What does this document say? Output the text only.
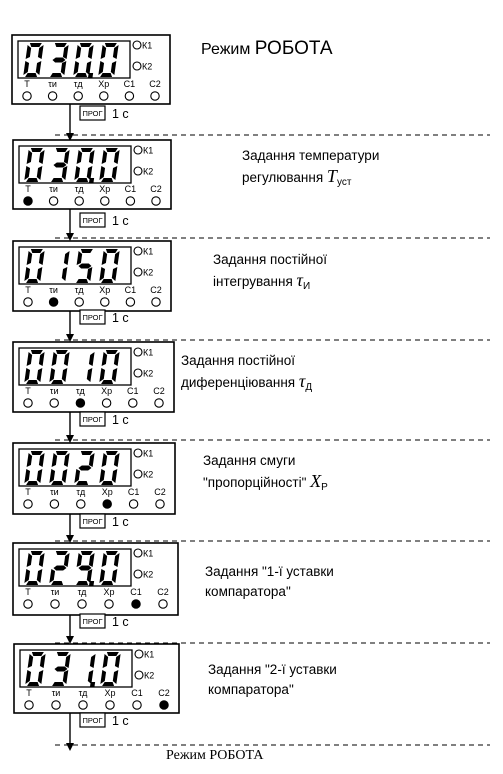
К1
К2
T τи τд Хр С1 С2
ПРОГ 1 с
К1
К2
T τи τд Хр С1 С2
ПРОГ 1 с
К1
К2
T τи τд Хр С1 С2
ПРОГ 1 с
К1
К2
T τи τд Хр С1 С2
ПРОГ 1 с
К1
К2
T τи τд Хр С1 С2
ПРОГ 1 с
К1
К2
T τи τд Хр С1 С2
ПРОГ 1 с
К1
К2
T τи τд Хр С1 С2
ПРОГ 1 с
Режим РОБОТА
Задання температури
регулювання $T_{уст}$
Задання постійної
інтегрування $\tau_И$
Задання постійної
диференціювання $\tau_Д$
Задання смуги
"пропорційності" $X_Р$
Задання "1-ї уставки
компаратора"
Задання "2-ї уставки
компаратора"
Режим РОБОТА
